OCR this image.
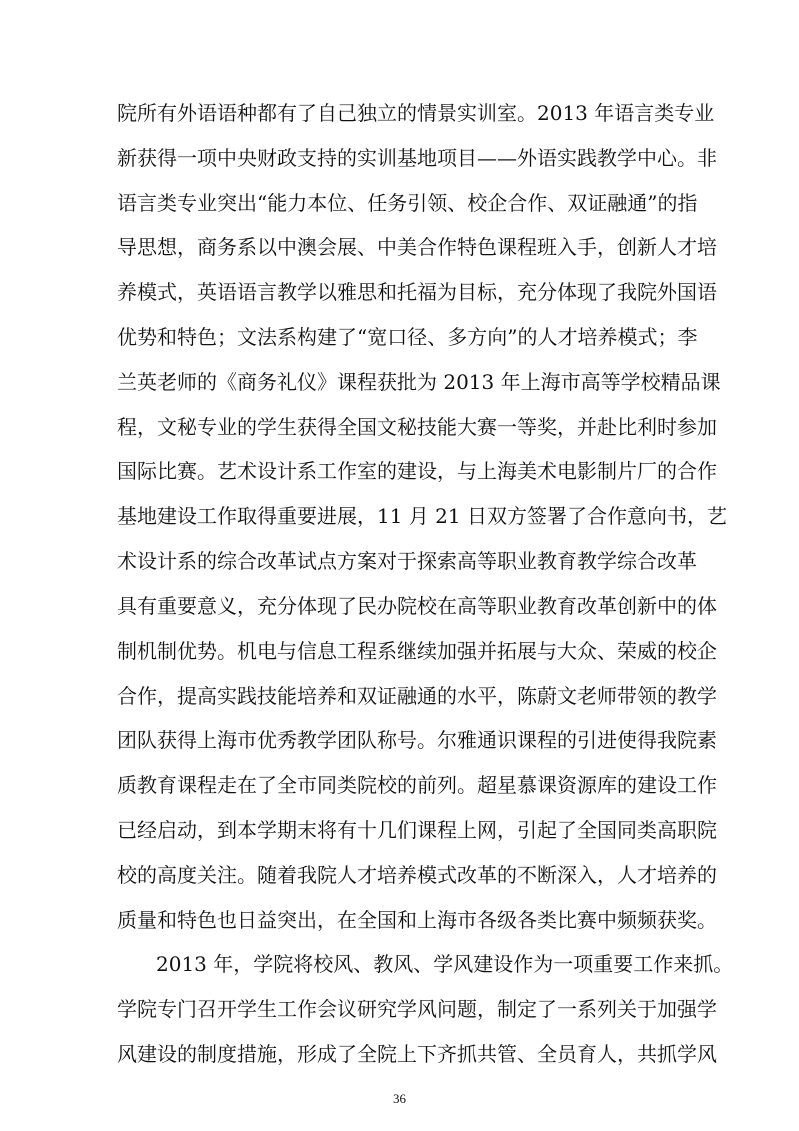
院所有外语语种都有了自己独立的情景实训室。2013 年语言类专业
新获得一项中央财政支持的实训基地项目——外语实践教学中心。非
语言类专业突出“能力本位、任务引领、校企合作、双证融通”的指
导思想，商务系以中澳会展、中美合作特色课程班入手，创新人才培
养模式，英语语言教学以雅思和托福为目标，充分体现了我院外国语
优势和特色；文法系构建了“宽口径、多方向”的人才培养模式；李
兰英老师的《商务礼仪》课程获批为 2013 年上海市高等学校精品课
程，文秘专业的学生获得全国文秘技能大赛一等奖，并赴比利时参加
国际比赛。艺术设计系工作室的建设，与上海美术电影制片厂的合作
基地建设工作取得重要进展，11 月 21 日双方签署了合作意向书，艺
术设计系的综合改革试点方案对于探索高等职业教育教学综合改革
具有重要意义，充分体现了民办院校在高等职业教育改革创新中的体
制机制优势。机电与信息工程系继续加强并拓展与大众、荣威的校企
合作，提高实践技能培养和双证融通的水平，陈蔚文老师带领的教学
团队获得上海市优秀教学团队称号。尔雅通识课程的引进使得我院素
质教育课程走在了全市同类院校的前列。超星慕课资源库的建设工作
已经启动，到本学期末将有十几们课程上网，引起了全国同类高职院
校的高度关注。随着我院人才培养模式改革的不断深入，人才培养的
质量和特色也日益突出，在全国和上海市各级各类比赛中频频获奖。
2013 年，学院将校风、教风、学风建设作为一项重要工作来抓。
学院专门召开学生工作会议研究学风问题，制定了一系列关于加强学
风建设的制度措施，形成了全院上下齐抓共管、全员育人，共抓学风
36
